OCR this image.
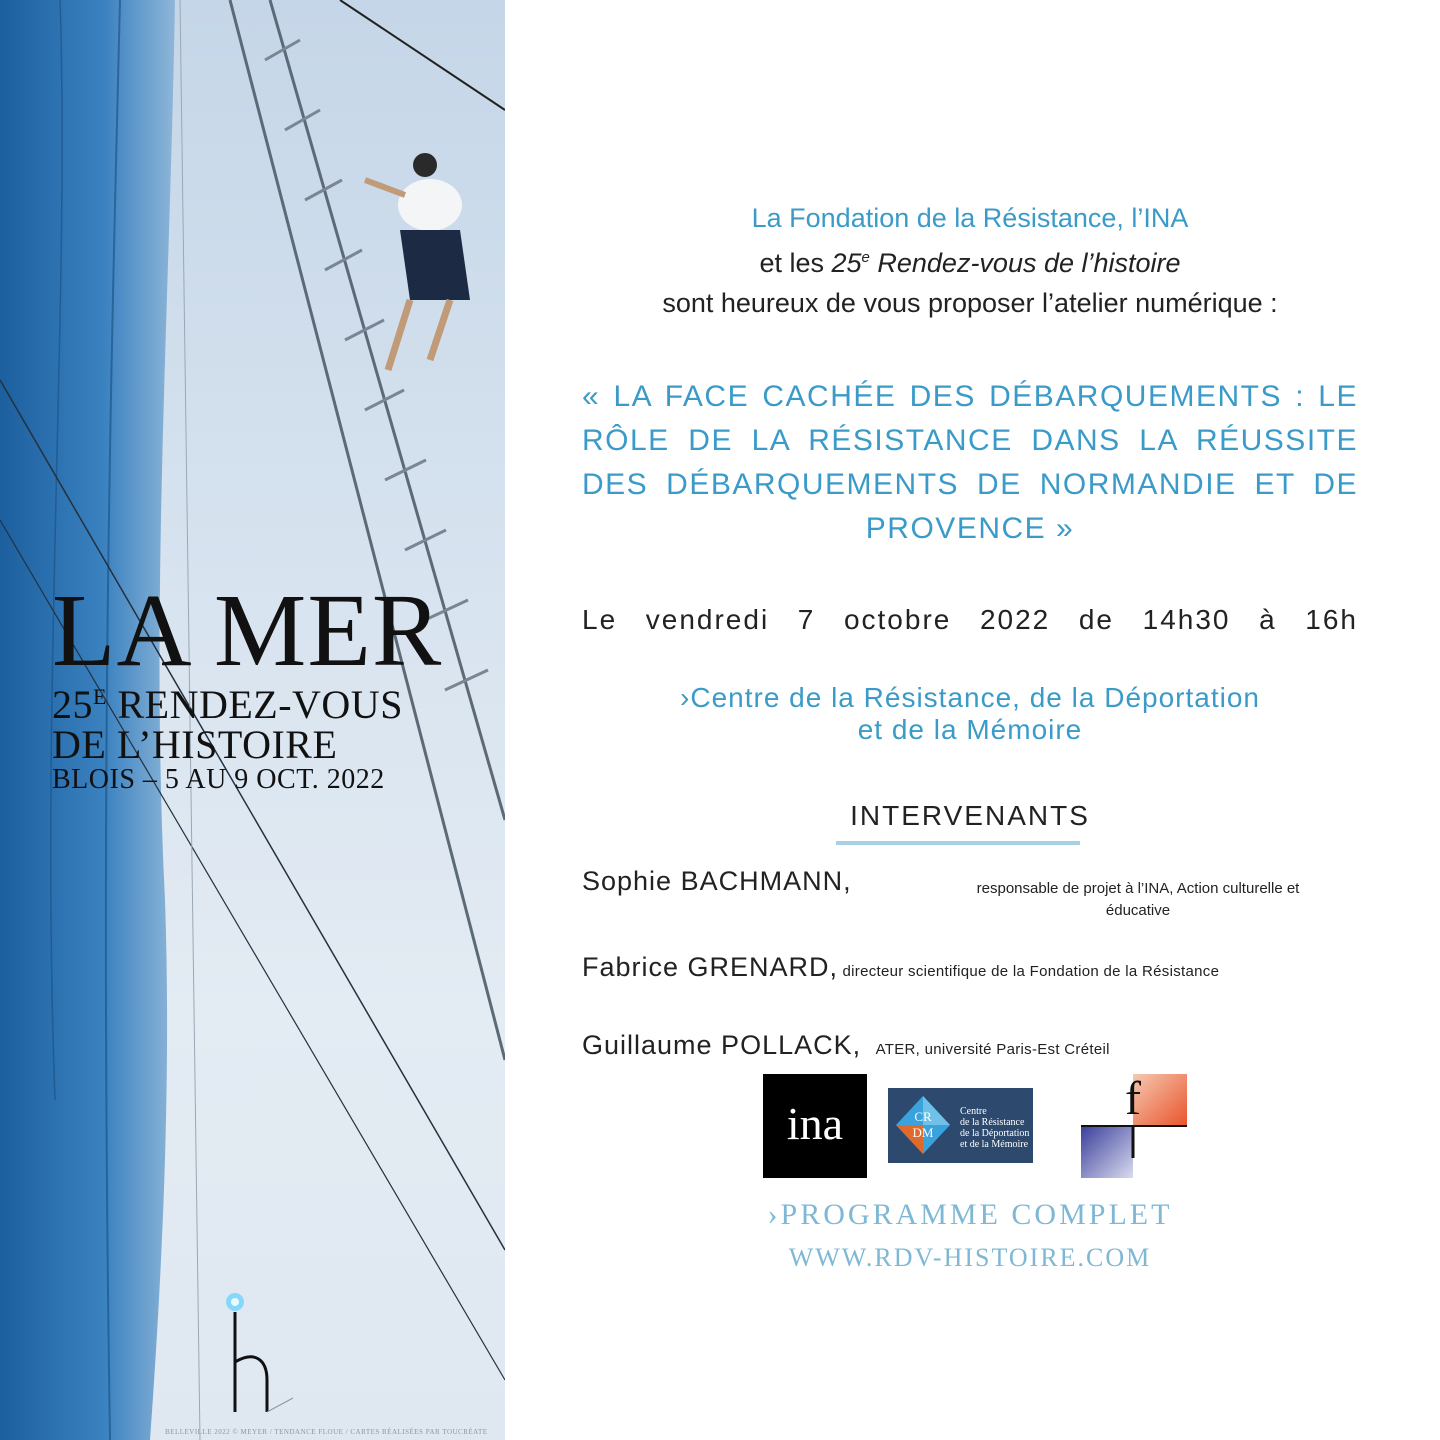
LA MER
$25^E$ RENDEZ-VOUS
DE L’HISTOIRE
BLOIS – 5 AU 9 OCT. 2022
BELLEVILLE 2022 © MEYER / TENDANCE FLOUE / CARTES RÉALISÉES PAR TOUCRÉATE
La Fondation de la Résistance, l’INA
et les 25e Rendez-vous de l’histoire
sont heureux de vous proposer l’atelier numérique :
« LA FACE CACHÉE DES DÉBARQUEMENTS : LE RÔLE DE LA RÉSISTANCE DANS LA RÉUSSITE DES DÉBARQUEMENTS DE NORMANDIE ET DE PROVENCE »
Le vendredi 7 octobre 2022 de 14h30 à 16h
›Centre de la Résistance, de la Déportation
et de la Mémoire
INTERVENANTS
Sophie BACHMANN,	responsable de projet à l’INA, Action culturelle et
éducative
Fabrice GRENARD, directeur scientifique de la Fondation de la Résistance
Guillaume POLLACK, ATER, université Paris-Est Créteil
ina	CR
DM
Centre
de la Résistance
de la Déportation
et de la Mémoire
f
›PROGRAMME COMPLET
WWW.RDV-HISTOIRE.COM
